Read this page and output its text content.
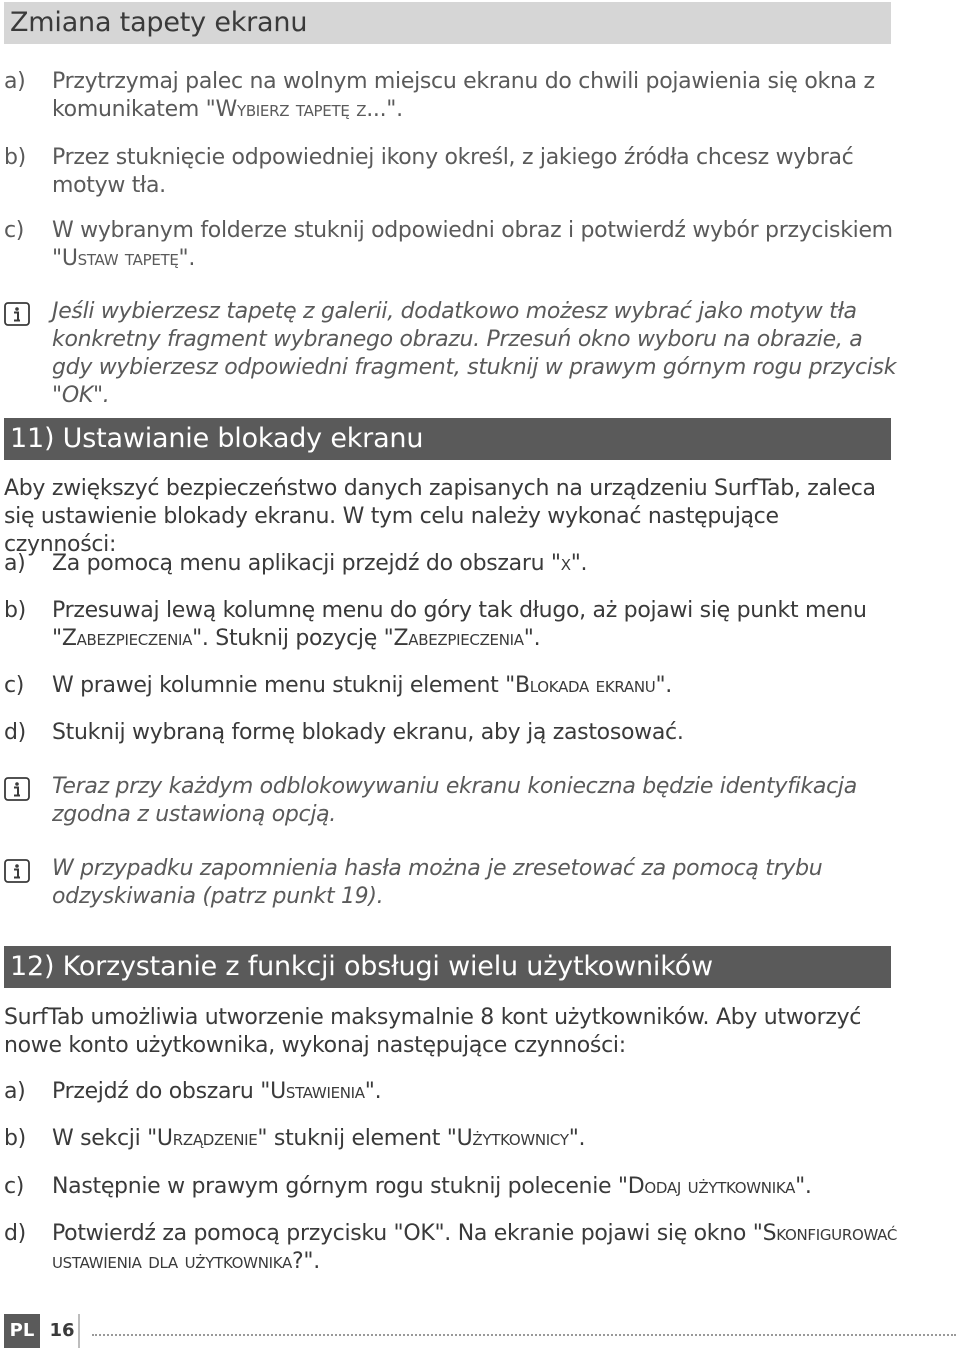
Zmiana tapety ekranu
a) Przytrzymaj palec na wolnym miejscu ekranu do chwili pojawienia się okna z komunikatem "Wybierz tapetę z...".
b) Przez stuknięcie odpowiedniej ikony określ, z jakiego źródła chcesz wybrać motyw tła.
c) W wybranym folderze stuknij odpowiedni obraz i potwierdź wybór przyciskiem "Ustaw tapetę".
Jeśli wybierzesz tapetę z galerii, dodatkowo możesz wybrać jako motyw tła konkretny fragment wybranego obrazu. Przesuń okno wyboru na obrazie, a gdy wybierzesz odpowiedni fragment, stuknij w prawym górnym rogu przycisk "OK".
11) Ustawianie blokady ekranu
Aby zwiększyć bezpieczeństwo danych zapisanych na urządzeniu SurfTab, zaleca się ustawienie blokady ekranu. W tym celu należy wykonać następujące czynności:
a) Za pomocą menu aplikacji przejdź do obszaru "x".
b) Przesuwaj lewą kolumnę menu do góry tak długo, aż pojawi się punkt menu "Zabezpieczenia". Stuknij pozycję "Zabezpieczenia".
c) W prawej kolumnie menu stuknij element "Blokada ekranu".
d) Stuknij wybraną formę blokady ekranu, aby ją zastosować.
Teraz przy każdym odblokowywaniu ekranu konieczna będzie identyfikacja zgodna z ustawioną opcją.
W przypadku zapomnienia hasła można je zresetować za pomocą trybu odzyskiwania (patrz punkt 19).
12) Korzystanie z funkcji obsługi wielu użytkowników
SurfTab umożliwia utworzenie maksymalnie 8 kont użytkowników. Aby utworzyć nowe konto użytkownika, wykonaj następujące czynności:
a) Przejdź do obszaru "Ustawienia".
b) W sekcji "Urządzenie" stuknij element "Użytkownicy".
c) Następnie w prawym górnym rogu stuknij polecenie "Dodaj użytkownika".
d) Potwierdź za pomocą przycisku "OK". Na ekranie pojawi się okno "Skonfigurować ustawienia dla użytkownika?".
PL 16
